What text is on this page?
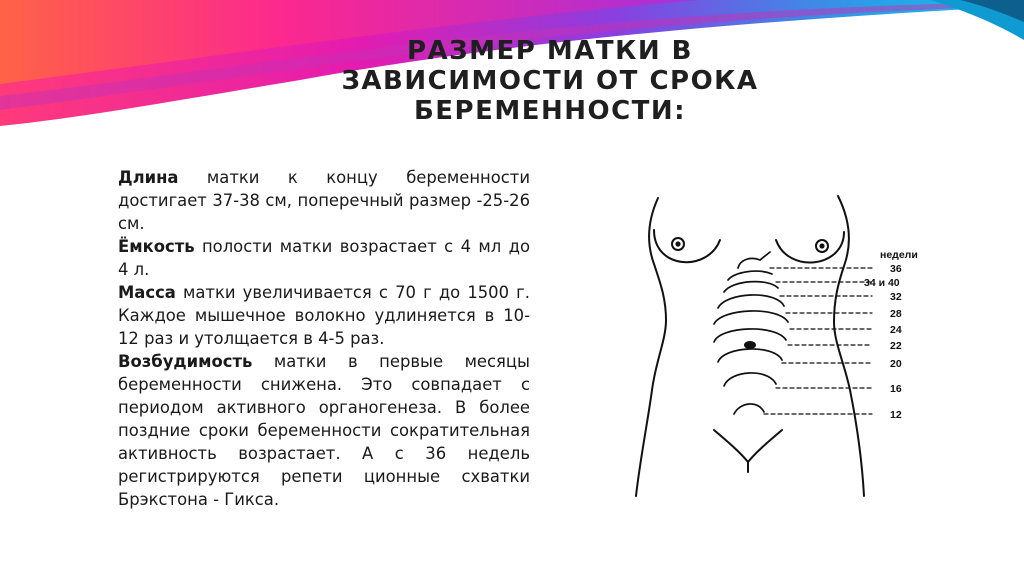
РАЗМЕР МАТКИ В
ЗАВИСИМОСТИ ОТ СРОКА
БЕРЕМЕННОСТИ:

Длина матки к концу беременности достигает 37-38 см, поперечный размер -25-26 см.

Ёмкость полости матки возрастает с 4 мл до 4 л.

Масса матки увеличивается с 70 г до 1500 г. Каждое мышечное волокно удлиняется в 10-12 раз и утолщается в 4-5 раз.

Возбудимость матки в первые месяцы беременности снижена. Это совпадает с периодом активного органогенеза. В более поздние сроки беременности сократительная активность возрастает. А с 36 недель регистрируются репети ционные схватки Брэкстона - Гикса.

недели
36
34 и 40
32
28
24
22
20
16
12
